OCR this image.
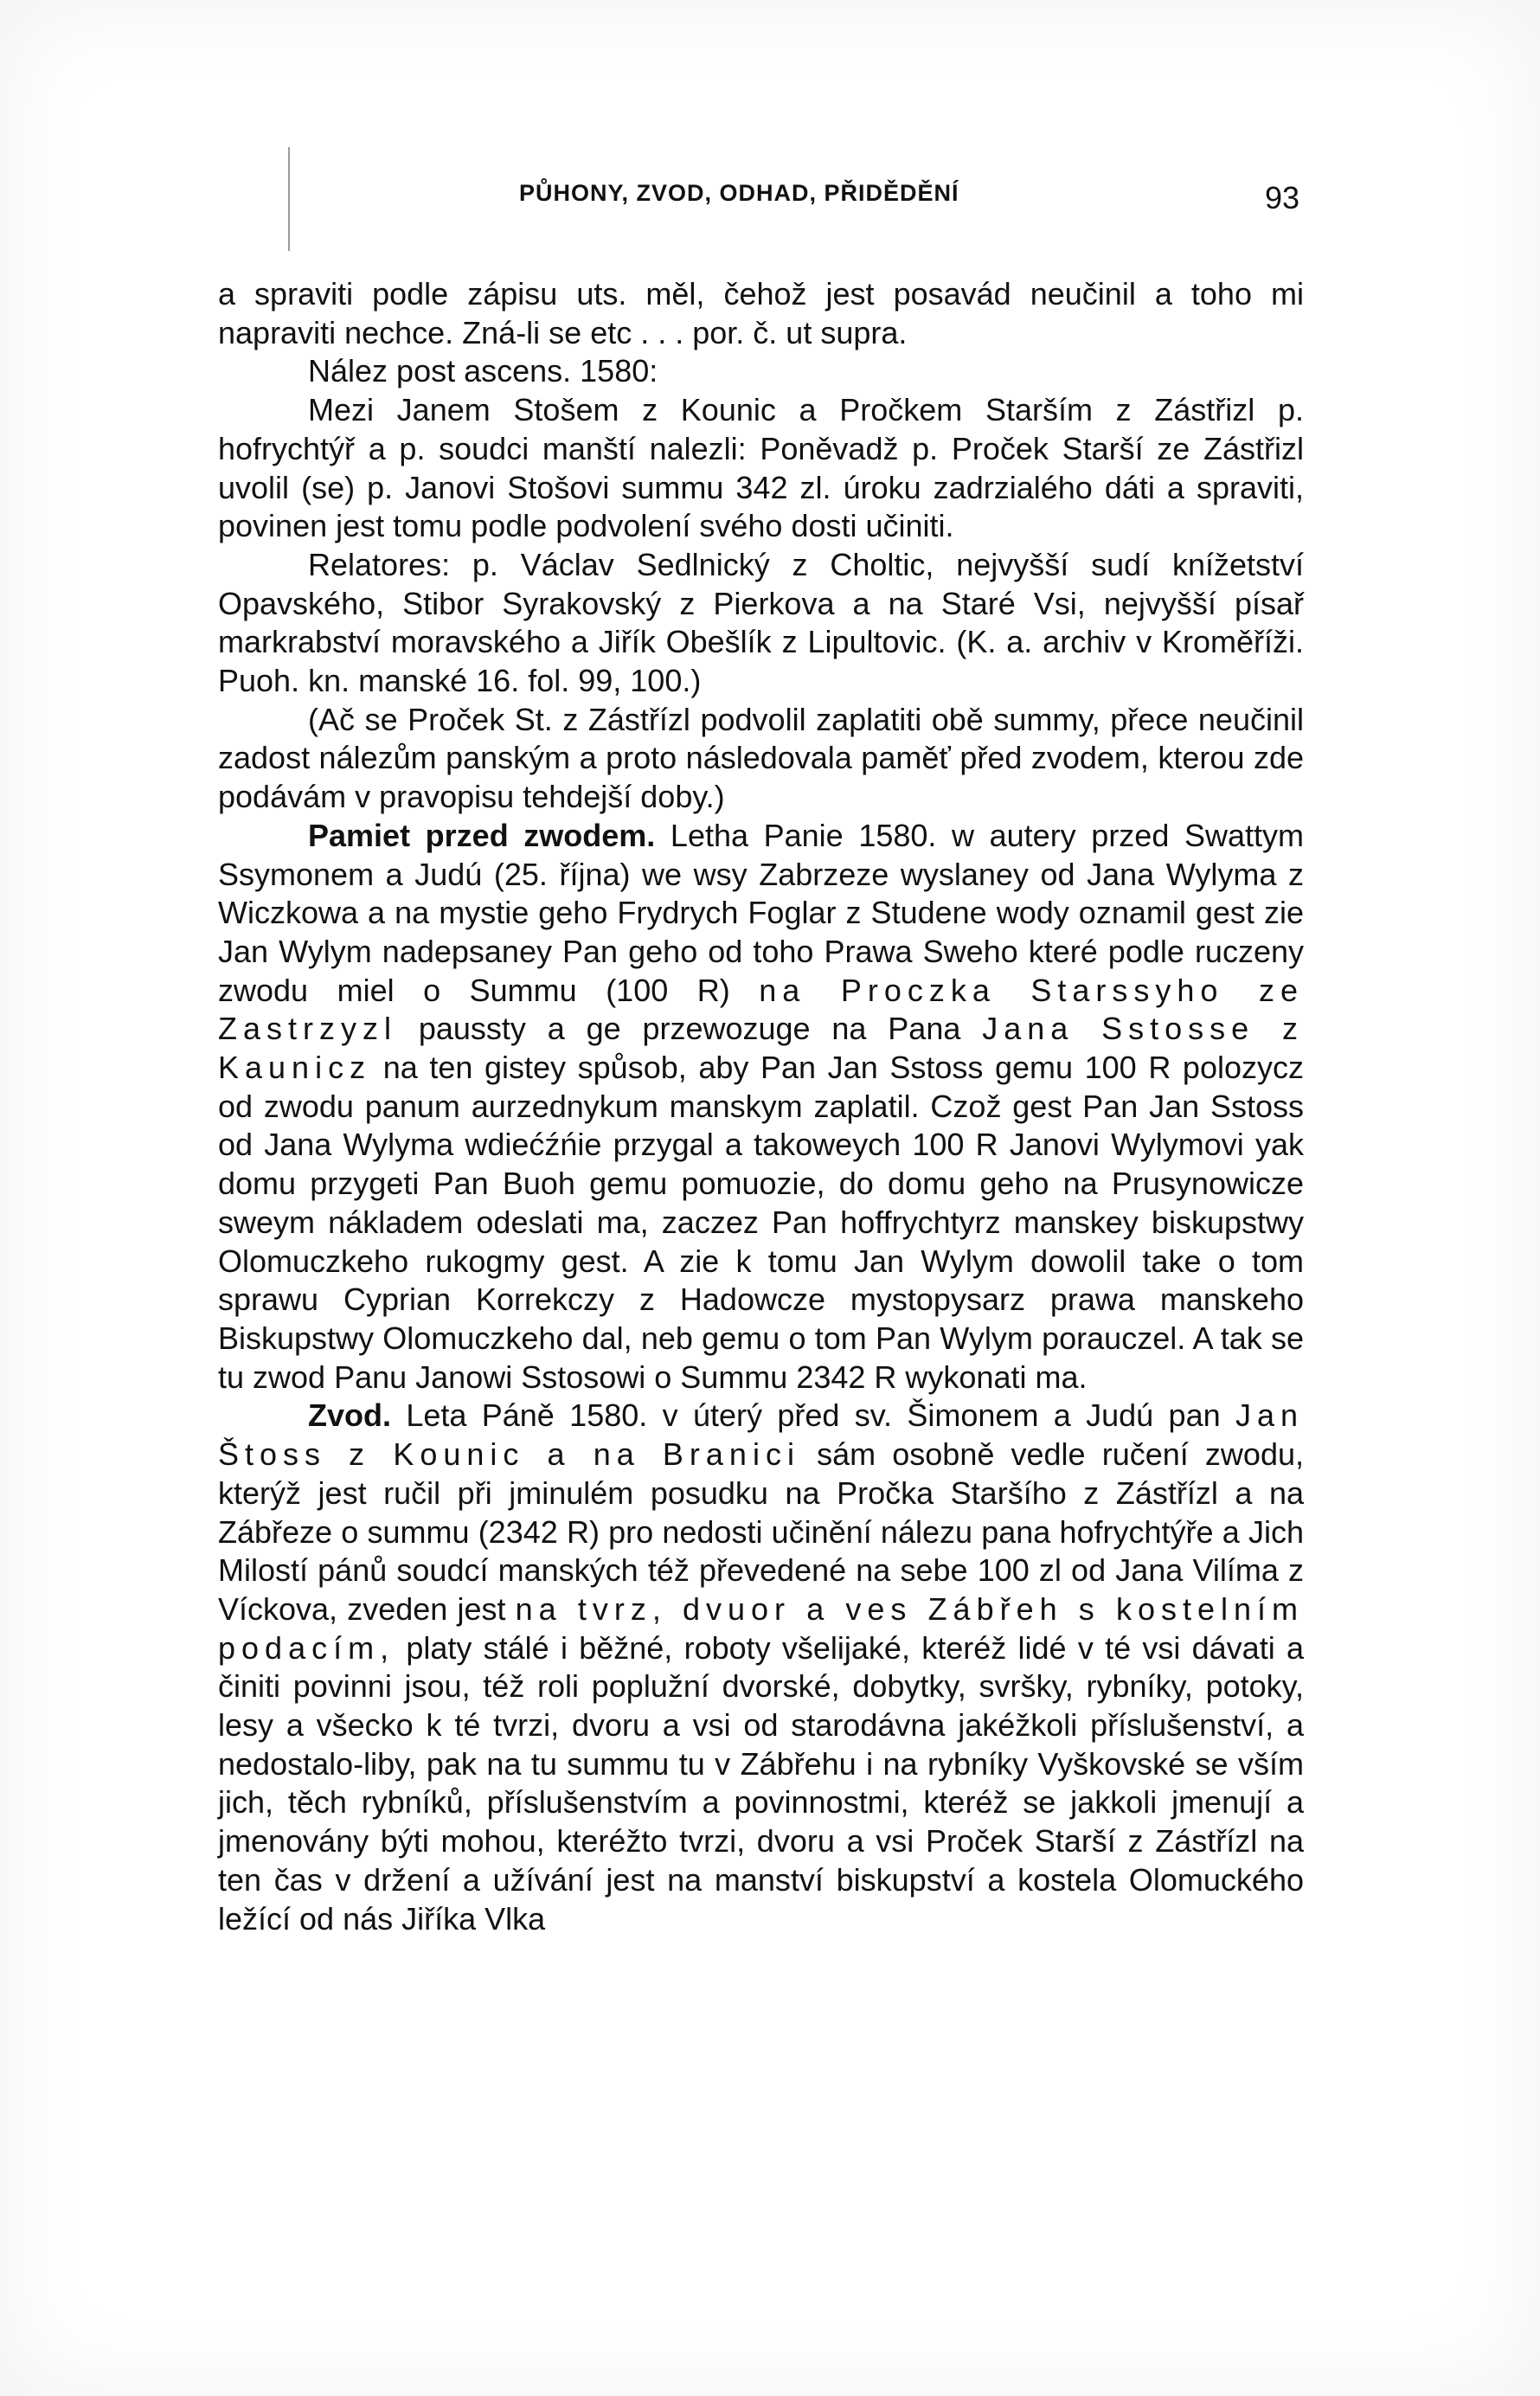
PŮHONY, ZVOD, ODHAD, PŘIDĚDĚNÍ	93

a spraviti podle zápisu uts. měl, čehož jest posavád neučinil a toho mi napraviti nechce. Zná-li se etc . . . por. č. ut supra.

Nález post ascens. 1580:

Mezi Janem Stošem z Kounic a Pročkem Starším z Zástřizl p. hofrychtýř a p. soudci manští nalezli: Poněvadž p. Proček Starší ze Zástřizl uvolil (se) p. Janovi Stošovi summu 342 zl. úroku zadrzialého dáti a spraviti, povinen jest tomu podle podvolení svého dosti učiniti.

Relatores: p. Václav Sedlnický z Choltic, nejvyšší sudí knížetství Opavského, Stibor Syrakovský z Pierkova a na Staré Vsi, nejvyšší písař markrabství moravského a Jiřík Obešlík z Lipultovic. (K. a. archiv v Kroměříži. Puoh. kn. manské 16. fol. 99, 100.)

(Ač se Proček St. z Zástřízl podvolil zaplatiti obě summy, přece neučinil zadost nálezům panským a proto následovala paměť před zvodem, kterou zde podávám v pravopisu tehdejší doby.)

Pamiet przed zwodem. Letha Panie 1580. w autery przed Swattym Ssymonem a Judú (25. října) we wsy Zabrzeze wyslaney od Jana Wylyma z Wiczkowa a na mystie geho Frydrych Foglar z Studene wody oznamil gest zie Jan Wylym nadepsaney Pan geho od toho Prawa Sweho které podle ruczeny zwodu miel o Summu (100 R) na Proczka Starssyho ze Zastrzyzl paussty a ge przewozuge na Pana Jana Sstosse z Kaunicz na ten gistey spůsob, aby Pan Jan Sstoss gemu 100 R polozycz od zwodu panum aurzednykum manskym zaplatil. Czož gest Pan Jan Sstoss od Jana Wylyma wdiećźńie przygal a takoweych 100 R Janovi Wylymovi yak domu przygeti Pan Buoh gemu pomuozie, do domu geho na Prusynowicze sweym nákladem odeslati ma, zaczez Pan hoffrychtyrz manskey biskupstwy Olomuczkeho rukogmy gest. A zie k tomu Jan Wylym dowolil take o tom sprawu Cyprian Korrekczy z Hadowcze mystopysarz prawa manskeho Biskupstwy Olomuczkeho dal, neb gemu o tom Pan Wylym porauczel. A tak se tu zwod Panu Janowi Sstosowi o Summu 2342 R wykonati ma.

Zvod. Leta Páně 1580. v úterý před sv. Šimonem a Judú pan Jan Štoss z Kounic a na Branici sám osobně vedle ručení zwodu, kterýž jest ručil při jminulém posudku na Pročka Staršího z Zástřízl a na Zábřeze o summu (2342 R) pro nedosti učinění nálezu pana hofrychtýře a Jich Milostí pánů soudcí manských též převedené na sebe 100 zl od Jana Vilíma z Víckova, zveden jest na tvrz, dvuor a ves Zábřeh s kostelním podacím, platy stálé i běžné, roboty všelijaké, kteréž lidé v té vsi dávati a činiti povinni jsou, též roli poplužní dvorské, dobytky, svršky, rybníky, potoky, lesy a všecko k té tvrzi, dvoru a vsi od starodávna jakéžkoli příslušenství, a nedostalo-liby, pak na tu summu tu v Zábřehu i na rybníky Vyškovské se vším jich, těch rybníků, příslušenstvím a povinnostmi, kteréž se jakkoli jmenují a jmenovány býti mohou, kteréžto tvrzi, dvoru a vsi Proček Starší z Zástřízl na ten čas v držení a užívání jest na manství biskupství a kostela Olomuckého ležící od nás Jiříka Vlka
